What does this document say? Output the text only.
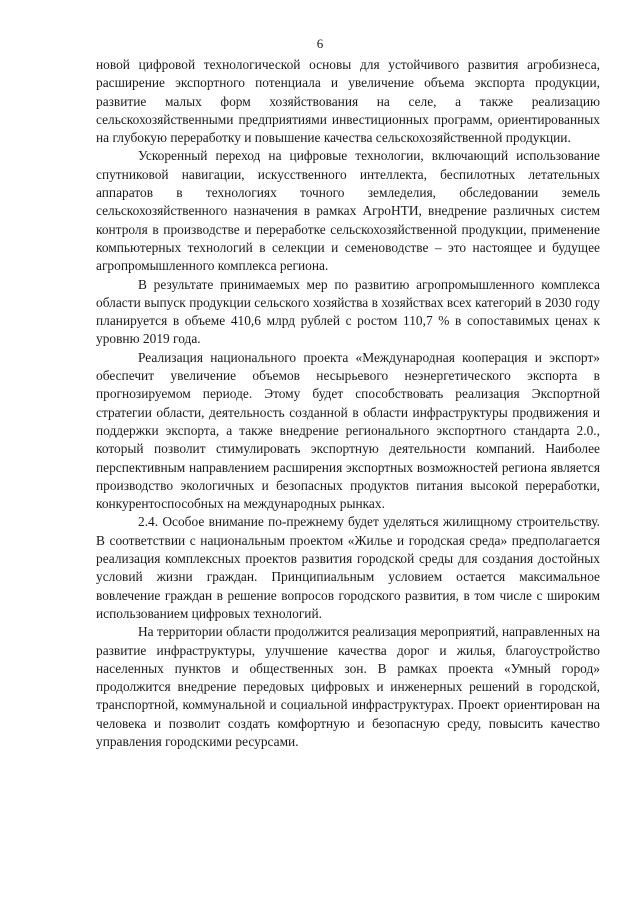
6

новой цифровой технологической основы для устойчивого развития агробизнеса, расширение экспортного потенциала и увеличение объема экспорта продукции, развитие малых форм хозяйствования на селе, а также реализацию сельскохозяйственными предприятиями инвестиционных программ, ориентированных на глубокую переработку и повышение качества сельскохозяйственной продукции.

Ускоренный переход на цифровые технологии, включающий использование спутниковой навигации, искусственного интеллекта, беспилотных летательных аппаратов в технологиях точного земледелия, обследовании земель сельскохозяйственного назначения в рамках АгроНТИ, внедрение различных систем контроля в производстве и переработке сельскохозяйственной продукции, применение компьютерных технологий в селекции и семеноводстве – это настоящее и будущее агропромышленного комплекса региона.

В результате принимаемых мер по развитию агропромышленного комплекса области выпуск продукции сельского хозяйства в хозяйствах всех категорий в 2030 году планируется в объеме 410,6 млрд рублей с ростом 110,7 % в сопоставимых ценах к уровню 2019 года.

Реализация национального проекта «Международная кооперация и экспорт» обеспечит увеличение объемов несырьевого неэнергетического экспорта в прогнозируемом периоде. Этому будет способствовать реализация Экспортной стратегии области, деятельность созданной в области инфраструктуры продвижения и поддержки экспорта, а также внедрение регионального экспортного стандарта 2.0., который позволит стимулировать экспортную деятельности компаний. Наиболее перспективным направлением расширения экспортных возможностей региона является производство экологичных и безопасных продуктов питания высокой переработки, конкурентоспособных на международных рынках.

2.4. Особое внимание по-прежнему будет уделяться жилищному строительству. В соответствии с национальным проектом «Жилье и городская среда» предполагается реализация комплексных проектов развития городской среды для создания достойных условий жизни граждан. Принципиальным условием остается максимальное вовлечение граждан в решение вопросов городского развития, в том числе с широким использованием цифровых технологий.

На территории области продолжится реализация мероприятий, направленных на развитие инфраструктуры, улучшение качества дорог и жилья, благоустройство населенных пунктов и общественных зон. В рамках проекта «Умный город» продолжится внедрение передовых цифровых и инженерных решений в городской, транспортной, коммунальной и социальной инфраструктурах. Проект ориентирован на человека и позволит создать комфортную и безопасную среду, повысить качество управления городскими ресурсами.
